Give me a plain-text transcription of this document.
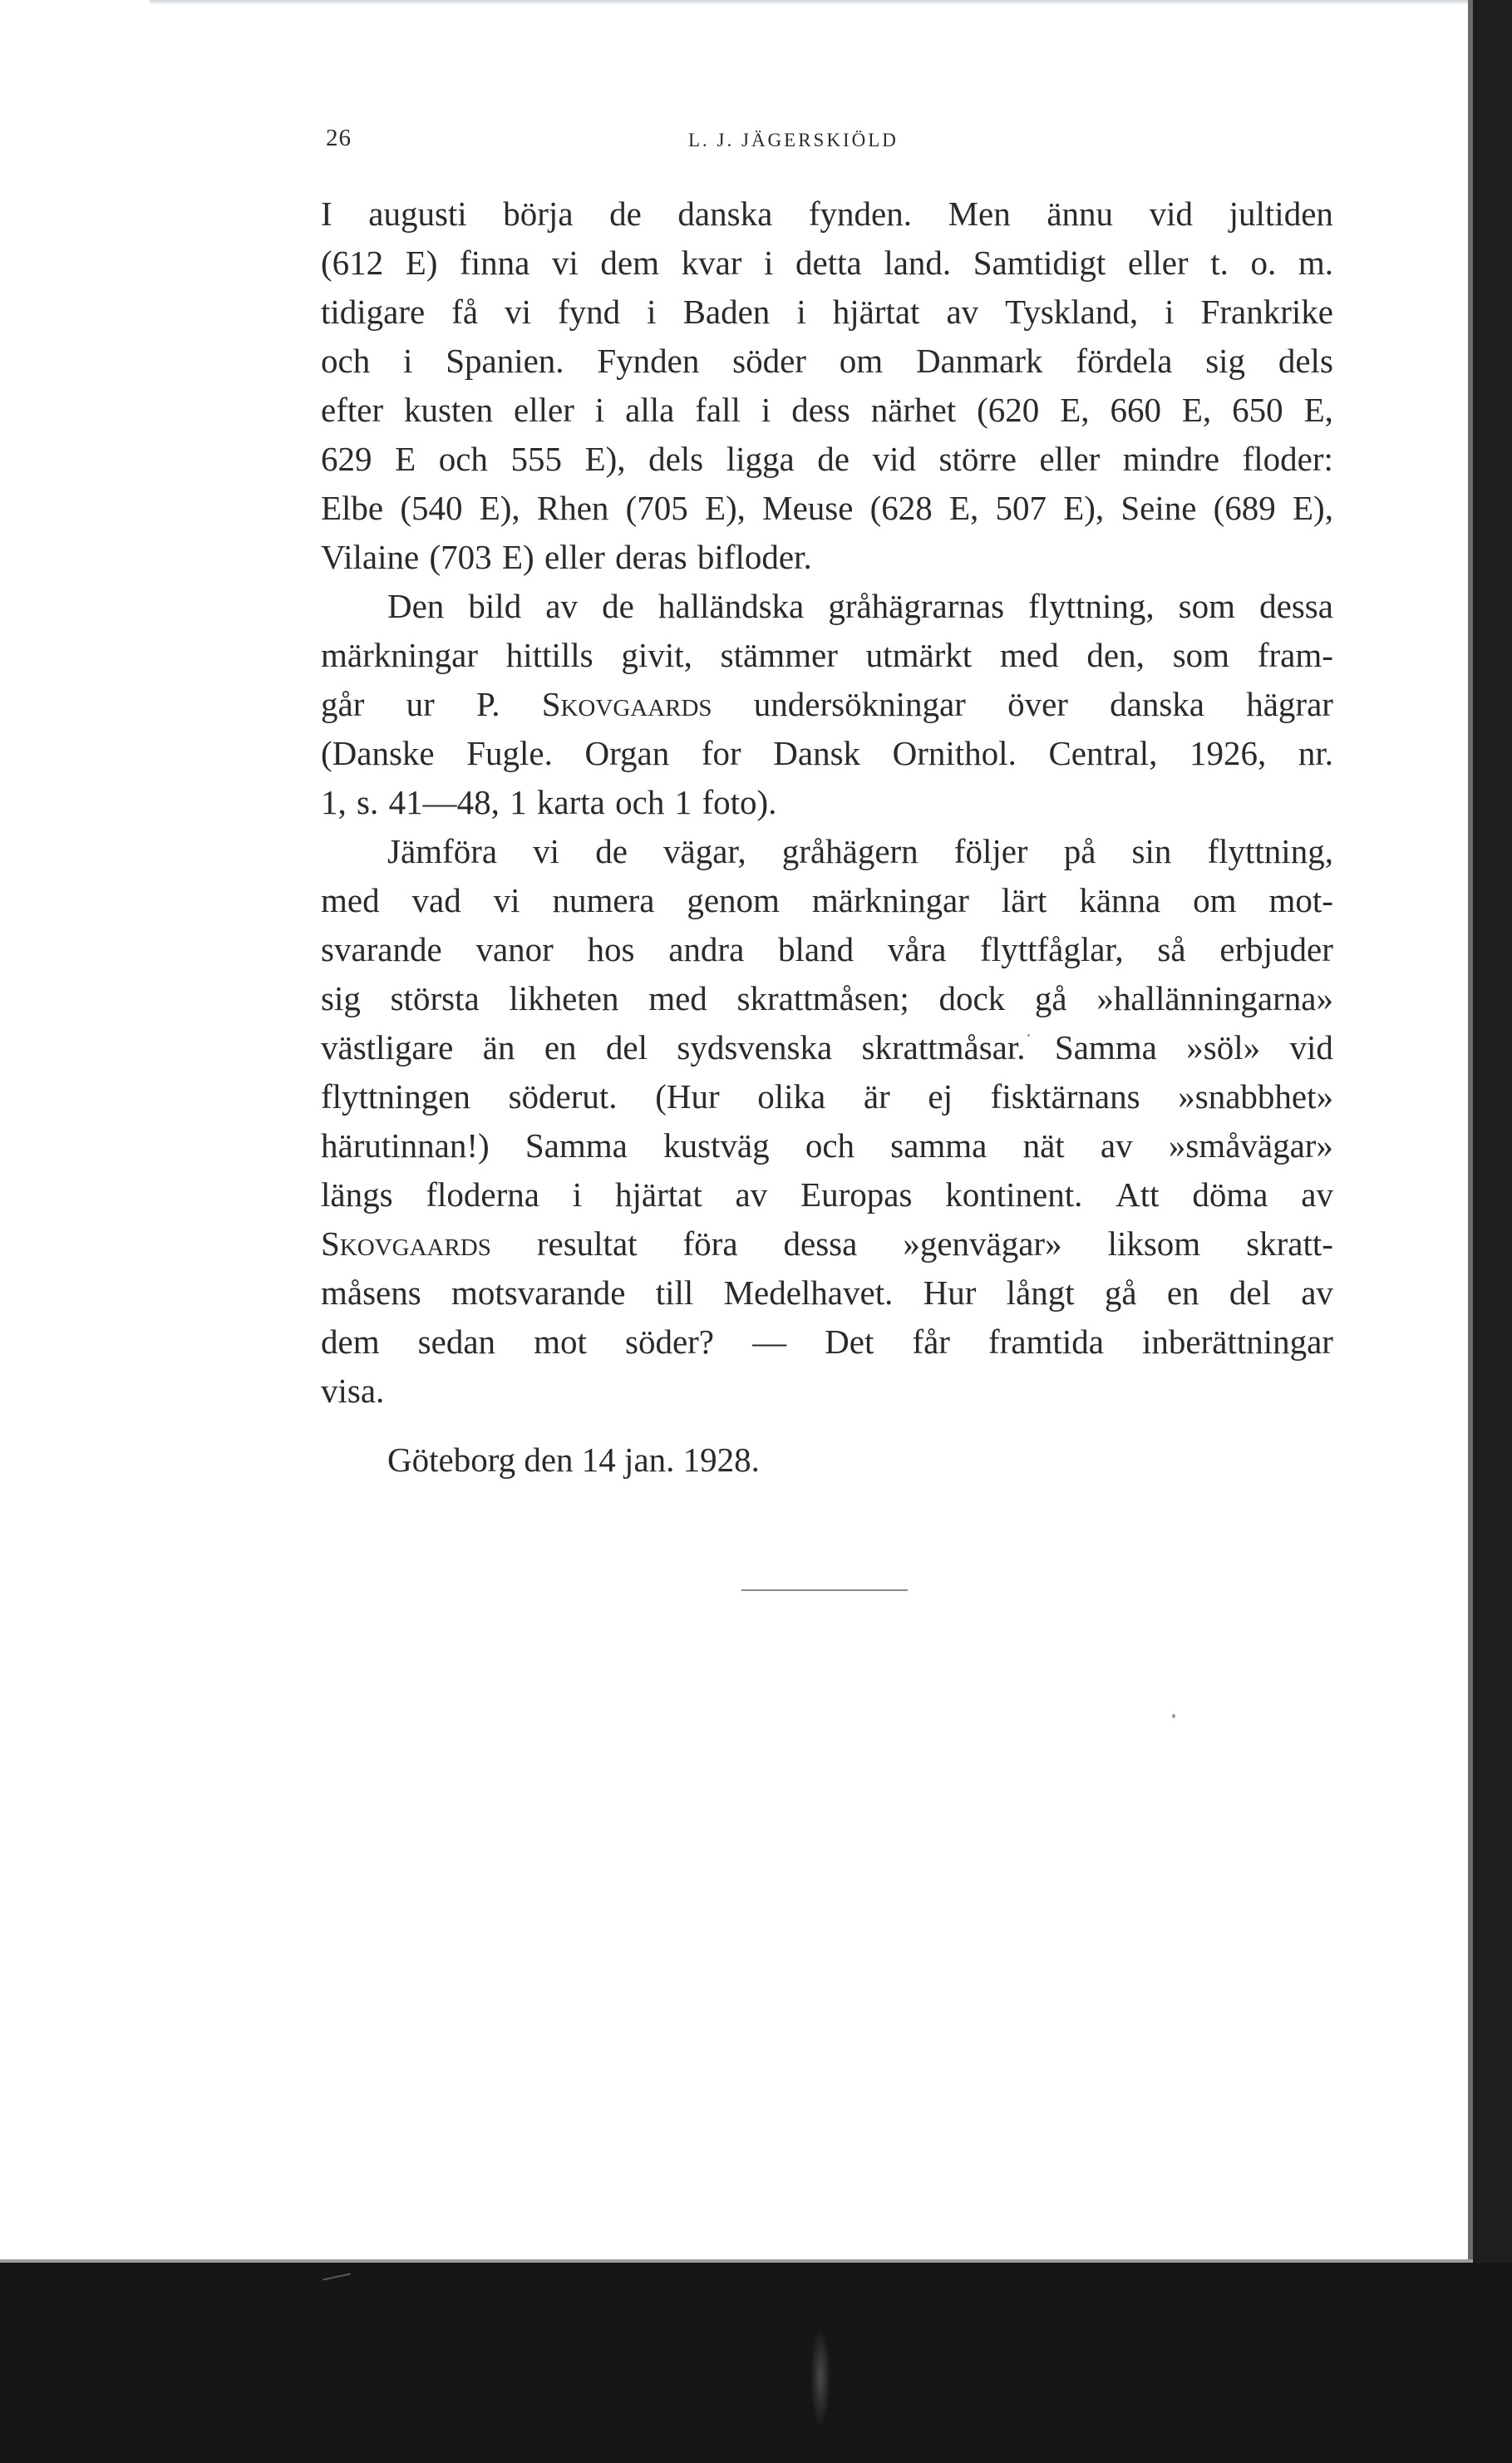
26	L. J. JÄGERSKIÖLD
I augusti börja de danska fynden. Men ännu vid jultiden
(612 E) finna vi dem kvar i detta land. Samtidigt eller t. o. m.
tidigare få vi fynd i Baden i hjärtat av Tyskland, i Frankrike
och i Spanien. Fynden söder om Danmark fördela sig dels
efter kusten eller i alla fall i dess närhet (620 E, 660 E, 650 E,
629 E och 555 E), dels ligga de vid större eller mindre floder:
Elbe (540 E), Rhen (705 E), Meuse (628 E, 507 E), Seine (689 E),
Vilaine (703 E) eller deras bifloder.
Den bild av de halländska gråhägrarnas flyttning, som dessa
märkningar hittills givit, stämmer utmärkt med den, som fram-
går ur P. Skovgaards undersökningar över danska hägrar
(Danske Fugle. Organ for Dansk Ornithol. Central, 1926, nr.
1, s. 41—48, 1 karta och 1 foto).
Jämföra vi de vägar, gråhägern följer på sin flyttning,
med vad vi numera genom märkningar lärt känna om mot-
svarande vanor hos andra bland våra flyttfåglar, så erbjuder
sig största likheten med skrattmåsen; dock gå »hallänningarna»
västligare än en del sydsvenska skrattmåsar. Samma »söl» vid
flyttningen söderut. (Hur olika är ej fisktärnans »snabbhet»
härutinnan!) Samma kustväg och samma nät av »småvägar»
längs floderna i hjärtat av Europas kontinent. Att döma av
Skovgaards resultat föra dessa »genvägar» liksom skratt-
måsens motsvarande till Medelhavet. Hur långt gå en del av
dem sedan mot söder? — Det får framtida inberättningar
visa.
Göteborg den 14 jan. 1928.
